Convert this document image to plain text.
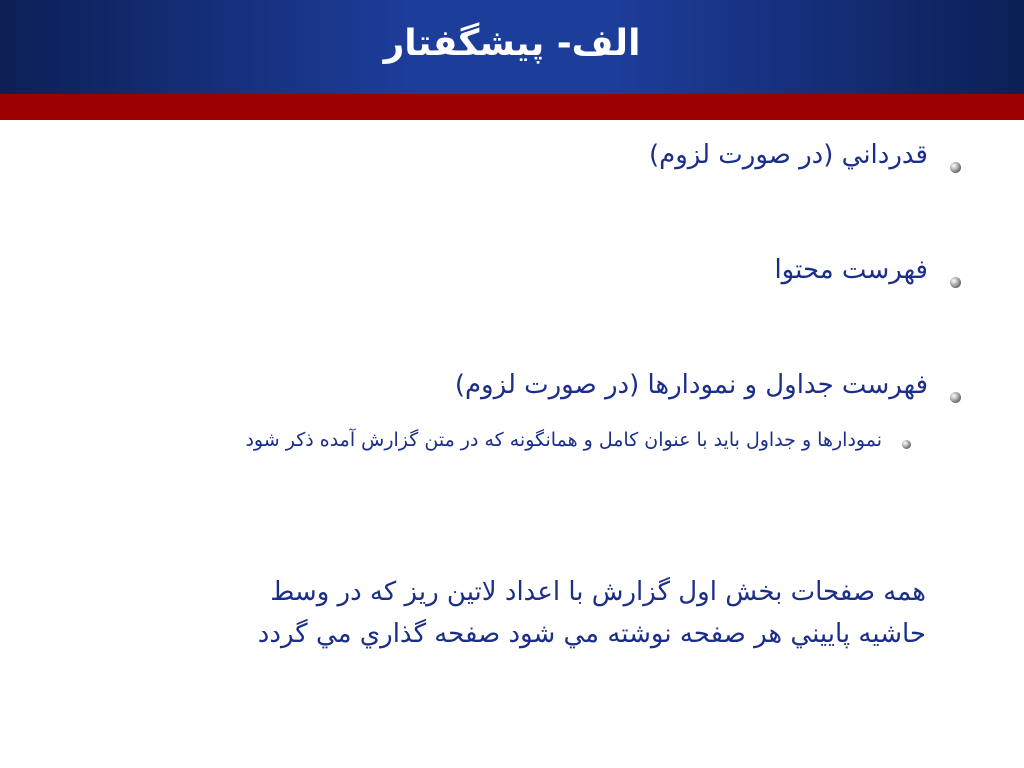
الف- پيشگفتار
قدرداني (در صورت لزوم)
فهرست محتوا
فهرست جداول و نمودارها (در صورت لزوم)
نمودارها و جداول بايد با عنوان كامل و همانگونه كه در متن گزارش آمده ذكر شود
همه صفحات بخش اول گزارش با اعداد لاتين ريز كه در وسط
حاشيه پاييني هر صفحه نوشته مي شود صفحه گذاري مي گردد
